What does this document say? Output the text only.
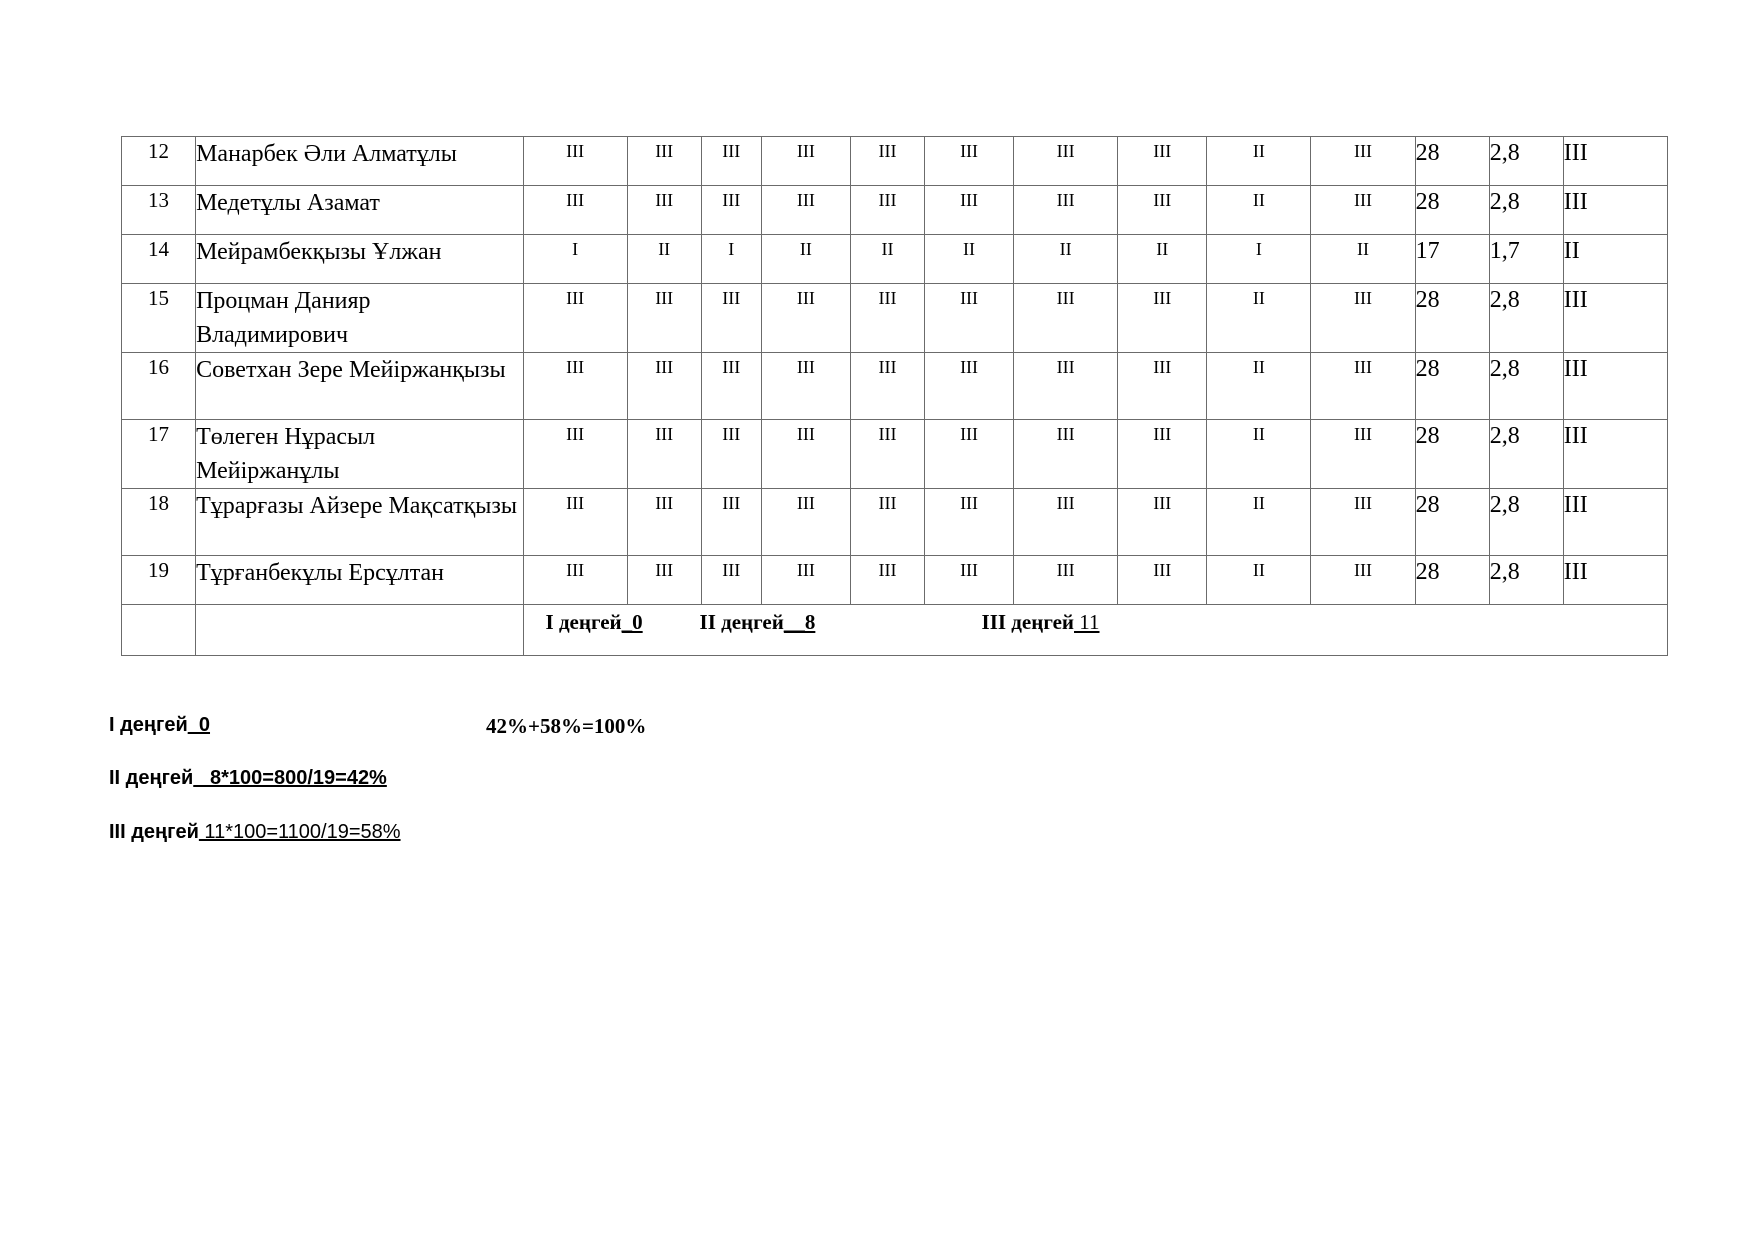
12	Манарбек Әли Алматұлы	III	III	III	III	III	III	III	III	II	III	28	2,8	III
13	Медетұлы Азамат	III	III	III	III	III	III	III	III	II	III	28	2,8	III
14	Мейрамбекқызы Ұлжан	I	II	I	II	II	II	II	II	I	II	17	1,7	II
15	Процман Данияр Владимирович	III	III	III	III	III	III	III	III	II	III	28	2,8	III
16	Советхан Зере Мейіржанқызы	III	III	III	III	III	III	III	III	II	III	28	2,8	III
17	Төлеген Нұрасыл Мейіржанұлы	III	III	III	III	III	III	III	III	II	III	28	2,8	III
18	Тұрарғазы Айзере Мақсатқызы	III	III	III	III	III	III	III	III	II	III	28	2,8	III
19	Тұрғанбекұлы Ерсұлтан	III	III	III	III	III	III	III	III	II	III	28	2,8	III

		I деңгей_0 II деңгей__8 III деңгей 11												
I деңгей_0	42%+58%=100%
II деңгей_ 8*100=800/19=42%
III деңгей 11*100=1100/19=58%
